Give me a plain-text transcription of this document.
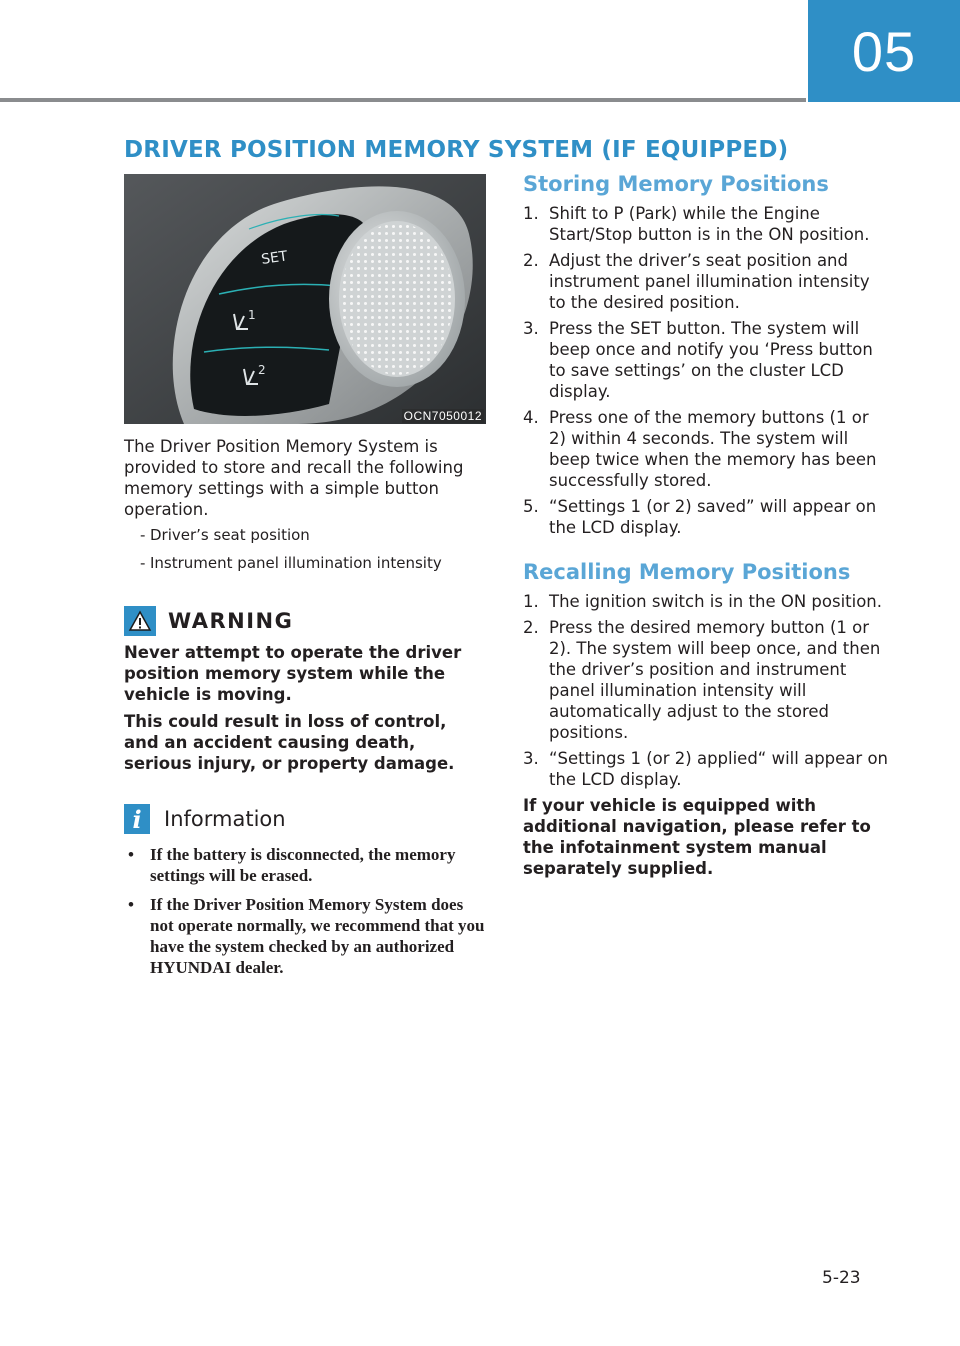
05
DRIVER POSITION MEMORY SYSTEM (IF EQUIPPED)
SET
1
2
OCN7050012
The Driver Position Memory System is provided to store and recall the following memory settings with a simple button operation.
- Driver’s seat position
- Instrument panel illumination intensity
WARNING

Never attempt to operate the driver position memory system while the vehicle is moving.

This could result in loss of control, and an accident causing death, serious injury, or property damage.

i	Information
• If the battery is disconnected, the memory settings will be erased.
• If the Driver Position Memory System does not operate normally, we recommend that you have the system checked by an authorized HYUNDAI dealer.
Storing Memory Positions
1. Shift to P (Park) while the Engine Start/Stop button is in the ON position.
2. Adjust the driver’s seat position and instrument panel illumination intensity to the desired position.
3. Press the SET button. The system will beep once and notify you ‘Press button to save settings’ on the cluster LCD display.
4. Press one of the memory buttons (1 or 2) within 4 seconds. The system will beep twice when the memory has been successfully stored.
5. “Settings 1 (or 2) saved” will appear on the LCD display.
Recalling Memory Positions
1. The ignition switch is in the ON position.
2. Press the desired memory button (1 or 2). The system will beep once, and then the driver’s position and instrument panel illumination intensity will automatically adjust to the stored positions.
3. “Settings 1 (or 2) applied“ will appear on the LCD display.
If your vehicle is equipped with additional navigation, please refer to the infotainment system manual separately supplied.
5-23
